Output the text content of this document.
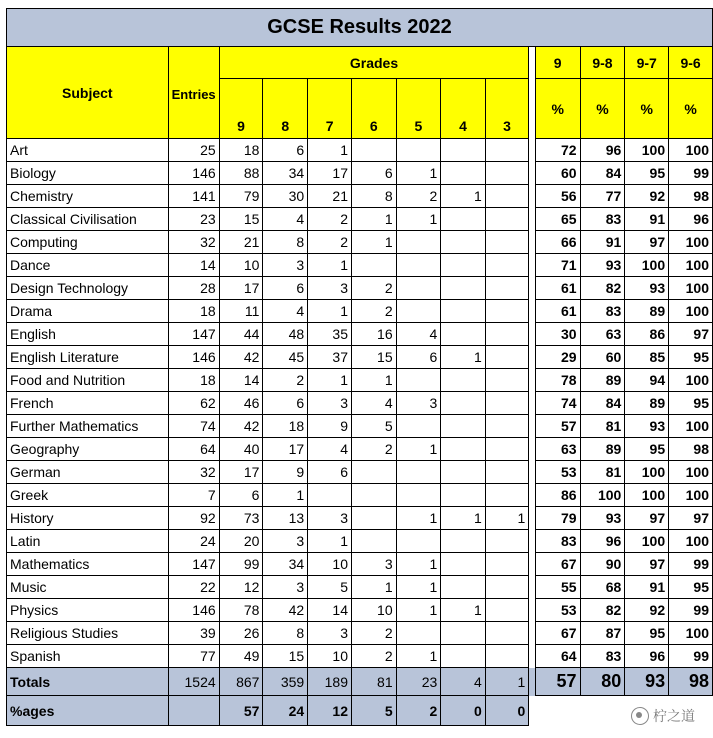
GCSE Results 2022													
Subject	Entries	Grades								9	9-8	9-7	9-6
		9	8	7	6	5	4	3		%	%	%	%
Art	25	18	6	1						72	96	100	100
Biology	146	88	34	17	6	1				60	84	95	99
Chemistry	141	79	30	21	8	2	1			56	77	92	98
Classical Civilisation	23	15	4	2	1	1				65	83	91	96
Computing	32	21	8	2	1					66	91	97	100
Dance	14	10	3	1						71	93	100	100
Design Technology	28	17	6	3	2					61	82	93	100
Drama	18	11	4	1	2					61	83	89	100
English	147	44	48	35	16	4				30	63	86	97
English Literature	146	42	45	37	15	6	1			29	60	85	95
Food and Nutrition	18	14	2	1	1					78	89	94	100
French	62	46	6	3	4	3				74	84	89	95
Further Mathematics	74	42	18	9	5					57	81	93	100
Geography	64	40	17	4	2	1				63	89	95	98
German	32	17	9	6						53	81	100	100
Greek	7	6	1							86	100	100	100
History	92	73	13	3		1	1	1		79	93	97	97
Latin	24	20	3	1						83	96	100	100
Mathematics	147	99	34	10	3	1				67	90	97	99
Music	22	12	3	5	1	1				55	68	91	95
Physics	146	78	42	14	10	1	1			53	82	92	99
Religious Studies	39	26	8	3	2					67	87	95	100
Spanish	77	49	15	10	2	1				64	83	96	99
Totals	1524	867	359	189	81	23	4	1		57	80	93	98
%ages		57	24	12	5	2	0	0						柠之道
